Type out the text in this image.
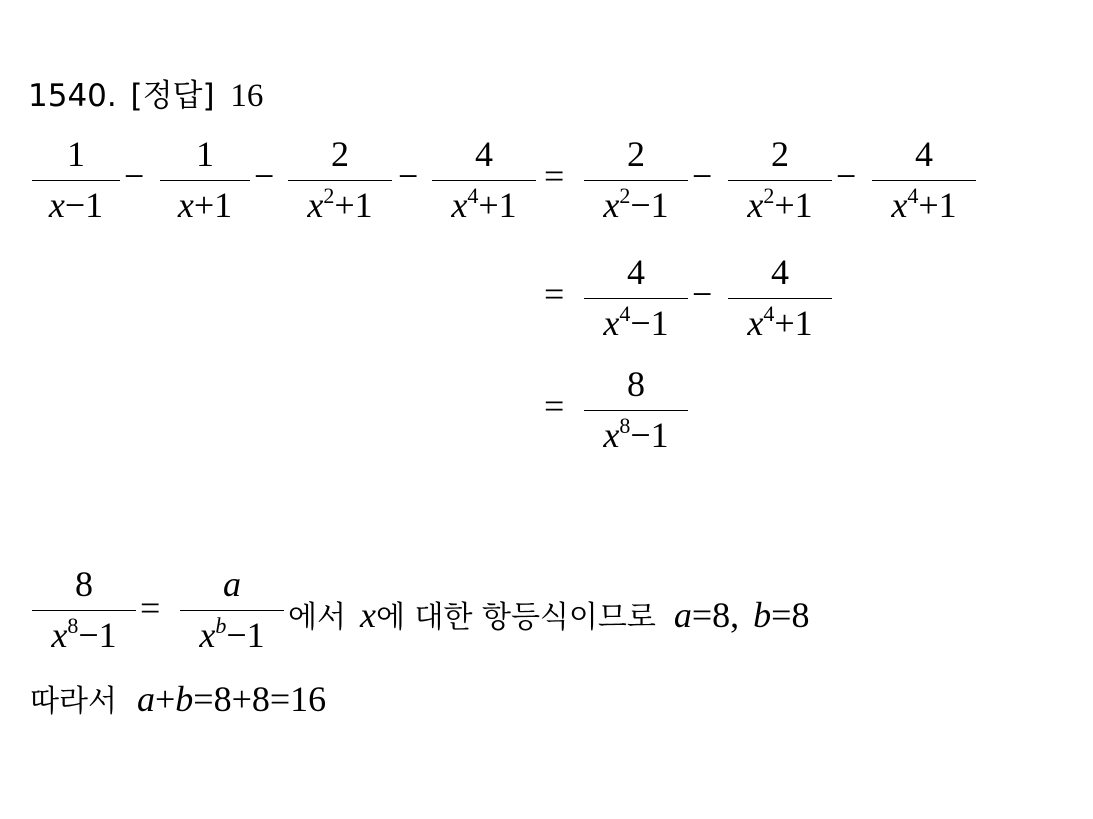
1540. [정답] 16
1
x−1
−
1
x+1
−
2
$x^2+1$
−
4
$x^4+1$
=
2
$x^2-1$
−
2
$x^2+1$
−
4
$x^4+1$
=
4
$x^4-1$
−
4
$x^4+1$
=
8
$x^8-1$
8
$x^8-1$
=
a
$x^b-1$ 에서 x에 대한 항등식이므로 a=8, b=8
따라서 a+b=8+8=16
